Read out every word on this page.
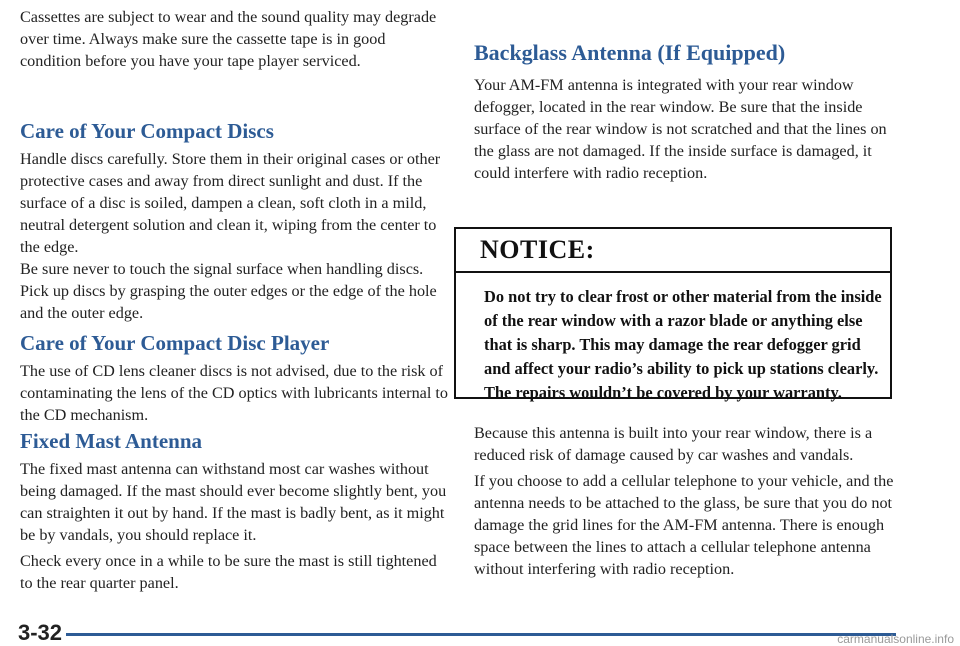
Cassettes are subject to wear and the sound quality may degrade over time. Always make sure the cassette tape is in good condition before you have your tape player serviced.

Care of Your Compact Discs

Handle discs carefully. Store them in their original cases or other protective cases and away from direct sunlight and dust. If the surface of a disc is soiled, dampen a clean, soft cloth in a mild, neutral detergent solution and clean it, wiping from the center to the edge.

Be sure never to touch the signal surface when handling discs. Pick up discs by grasping the outer edges or the edge of the hole and the outer edge.

Care of Your Compact Disc Player

The use of CD lens cleaner discs is not advised, due to the risk of contaminating the lens of the CD optics with lubricants internal to the CD mechanism.

Fixed Mast Antenna

The fixed mast antenna can withstand most car washes without being damaged. If the mast should ever become slightly bent, you can straighten it out by hand. If the mast is badly bent, as it might be by vandals, you should replace it.

Check every once in a while to be sure the mast is still tightened to the rear quarter panel.

Backglass Antenna (If Equipped)

Your AM-FM antenna is integrated with your rear window defogger, located in the rear window. Be sure that the inside surface of the rear window is not scratched and that the lines on the glass are not damaged. If the inside surface is damaged, it could interfere with radio reception.

Because this antenna is built into your rear window, there is a reduced risk of damage caused by car washes and vandals.

If you choose to add a cellular telephone to your vehicle, and the antenna needs to be attached to the glass, be sure that you do not damage the grid lines for the AM-FM antenna. There is enough space between the lines to attach a cellular telephone antenna without interfering with radio reception.

NOTICE:
Do not try to clear frost or other material from the inside of the rear window with a razor blade or anything else that is sharp. This may damage the rear defogger grid and affect your radio’s ability to pick up stations clearly. The repairs wouldn’t be covered by your warranty.
3-32	carmanualsonline.info
